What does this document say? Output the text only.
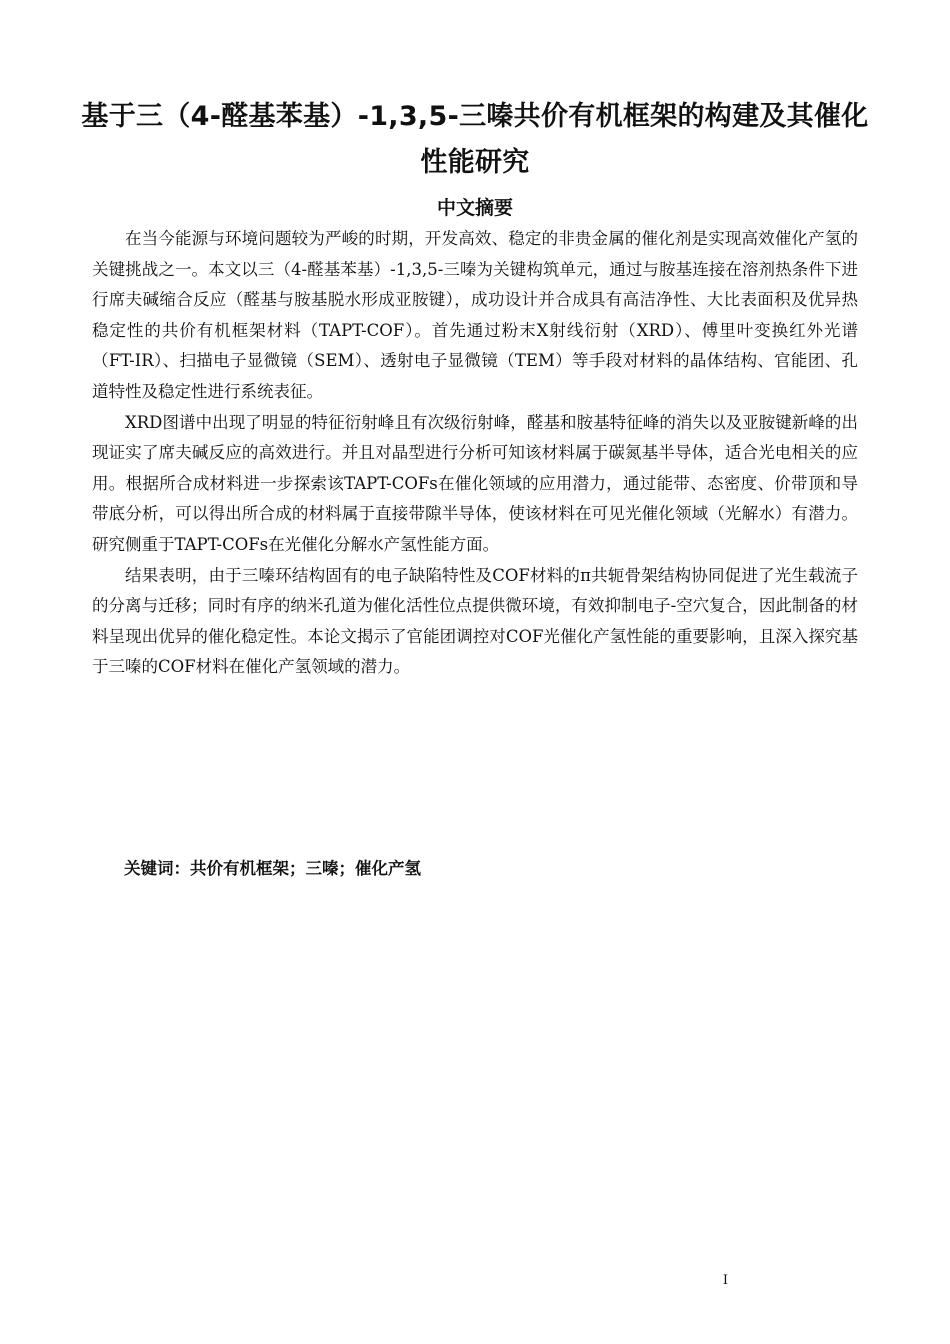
基于三（4-醛基苯基）-1,3,5-三嗪共价有机框架的构建及其催化性能研究
中文摘要

在当今能源与环境问题较为严峻的时期，开发高效、稳定的非贵金属的催化剂是实现高效催化产氢的关键挑战之一。本文以三（4-醛基苯基）-1,3,5-三嗪为关键构筑单元，通过与胺基连接在溶剂热条件下进行席夫碱缩合反应（醛基与胺基脱水形成亚胺键），成功设计并合成具有高洁净性、大比表面积及优异热稳定性的共价有机框架材料（TAPT-COF）。首先通过粉末X射线衍射（XRD）、傅里叶变换红外光谱（FT-IR）、扫描电子显微镜（SEM）、透射电子显微镜（TEM）等手段对材料的晶体结构、官能团、孔道特性及稳定性进行系统表征。

XRD图谱中出现了明显的特征衍射峰且有次级衍射峰，醛基和胺基特征峰的消失以及亚胺键新峰的出现证实了席夫碱反应的高效进行。并且对晶型进行分析可知该材料属于碳氮基半导体，适合光电相关的应用。根据所合成材料进一步探索该TAPT-COFs在催化领域的应用潜力，通过能带、态密度、价带顶和导带底分析，可以得出所合成的材料属于直接带隙半导体，使该材料在可见光催化领域（光解水）有潜力。研究侧重于TAPT-COFs在光催化分解水产氢性能方面。

结果表明，由于三嗪环结构固有的电子缺陷特性及COF材料的π共轭骨架结构协同促进了光生载流子的分离与迁移；同时有序的纳米孔道为催化活性位点提供微环境，有效抑制电子-空穴复合，因此制备的材料呈现出优异的催化稳定性。本论文揭示了官能团调控对COF光催化产氢性能的重要影响，且深入探究基于三嗪的COF材料在催化产氢领域的潜力。

关键词：共价有机框架；三嗪；催化产氢
I
